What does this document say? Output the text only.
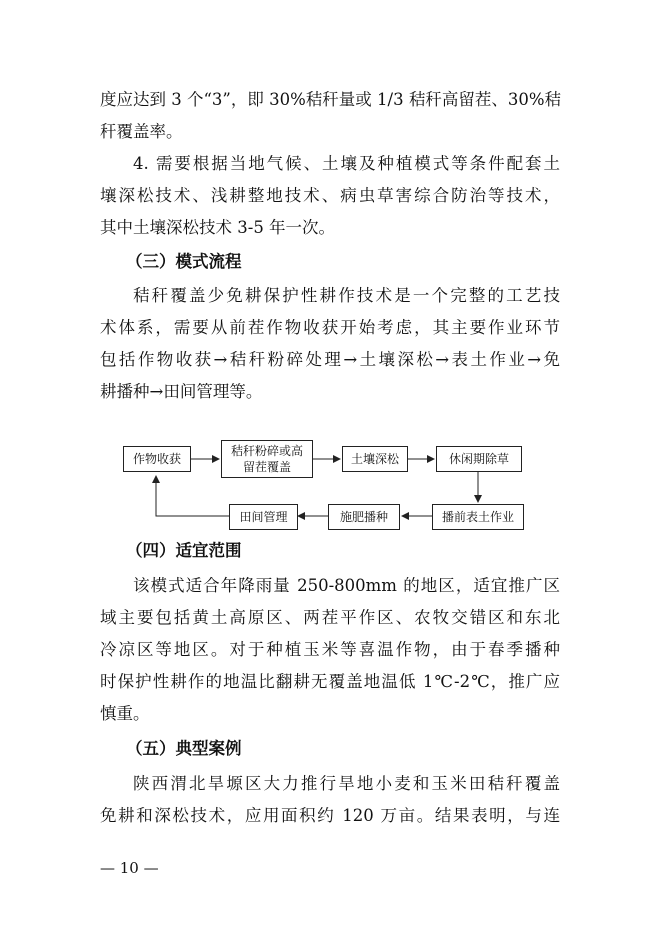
度应达到 3 个“3”，即 30%秸秆量或 1/3 秸秆高留茬、30%秸
秆覆盖率。
4. 需要根据当地气候、土壤及种植模式等条件配套土
壤深松技术、浅耕整地技术、病虫草害综合防治等技术，
其中土壤深松技术 3-5 年一次。
（三）模式流程
秸秆覆盖少免耕保护性耕作技术是一个完整的工艺技
术体系，需要从前茬作物收获开始考虑，其主要作业环节
包括作物收获→秸秆粉碎处理→土壤深松→表土作业→免
耕播种→田间管理等。
作物收获
秸秆粉碎或高留茬覆盖
土壤深松	休闲期除草
播前表土作业
施肥播种
田间管理
（四）适宜范围
该模式适合年降雨量 250-800mm 的地区，适宜推广区
域主要包括黄土高原区、两茬平作区、农牧交错区和东北
冷凉区等地区。对于种植玉米等喜温作物，由于春季播种
时保护性耕作的地温比翻耕无覆盖地温低 1℃-2℃，推广应
慎重。
（五）典型案例
陕西渭北旱塬区大力推行旱地小麦和玉米田秸秆覆盖
免耕和深松技术，应用面积约 120 万亩。结果表明，与连
— 10 —
